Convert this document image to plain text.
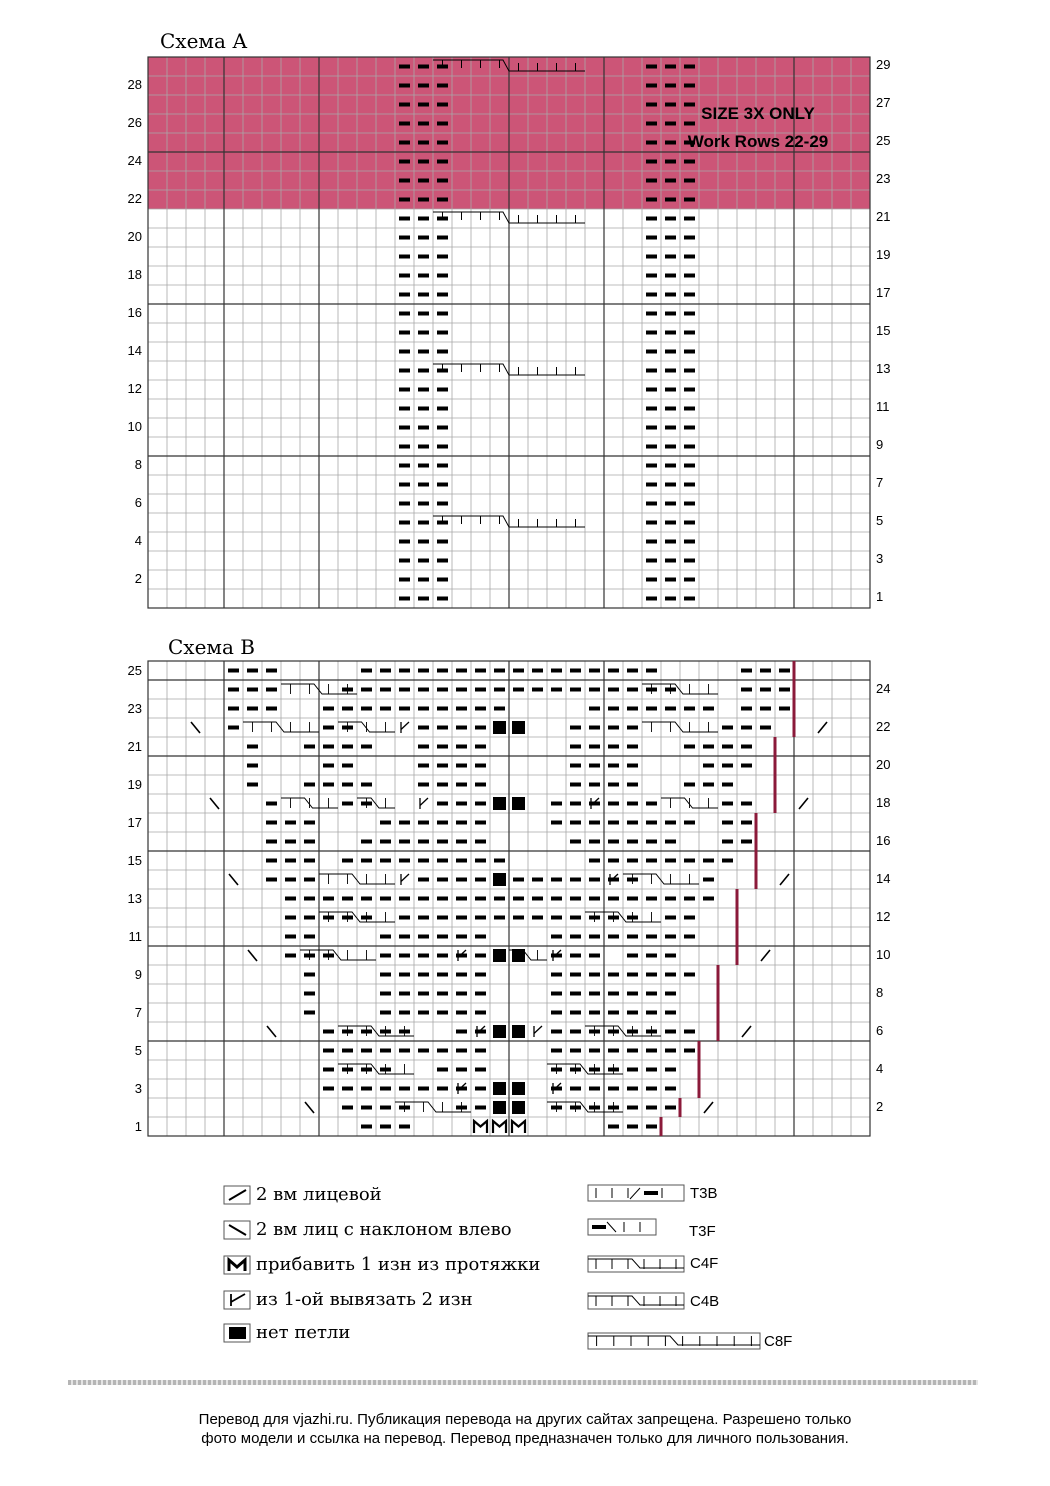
Схема А
Схема В
28
26
24
22
20
18
16
14
12
10
8
6
4
2
29
27
25
23
21
19
17
15
13
11
9
7
5
3
1
25
23
21
19
17
15
13
11
9
7
5
3
1
24
22
20
18
16
14
12
10
8
6
4
2
SIZE 3X ONLY
Work Rows 22-29
2 вм лицевой
2 вм лиц с наклоном влево
прибавить 1 изн из протяжки
из 1-ой вывязать 2 изн
нет петли
T3B
T3F
C4F
C4B
C8F
Перевод для vjazhi.ru. Публикация перевода на других сайтах запрещена. Разрешено только
фото модели и ссылка на перевод. Перевод предназначен только для личного пользования.
